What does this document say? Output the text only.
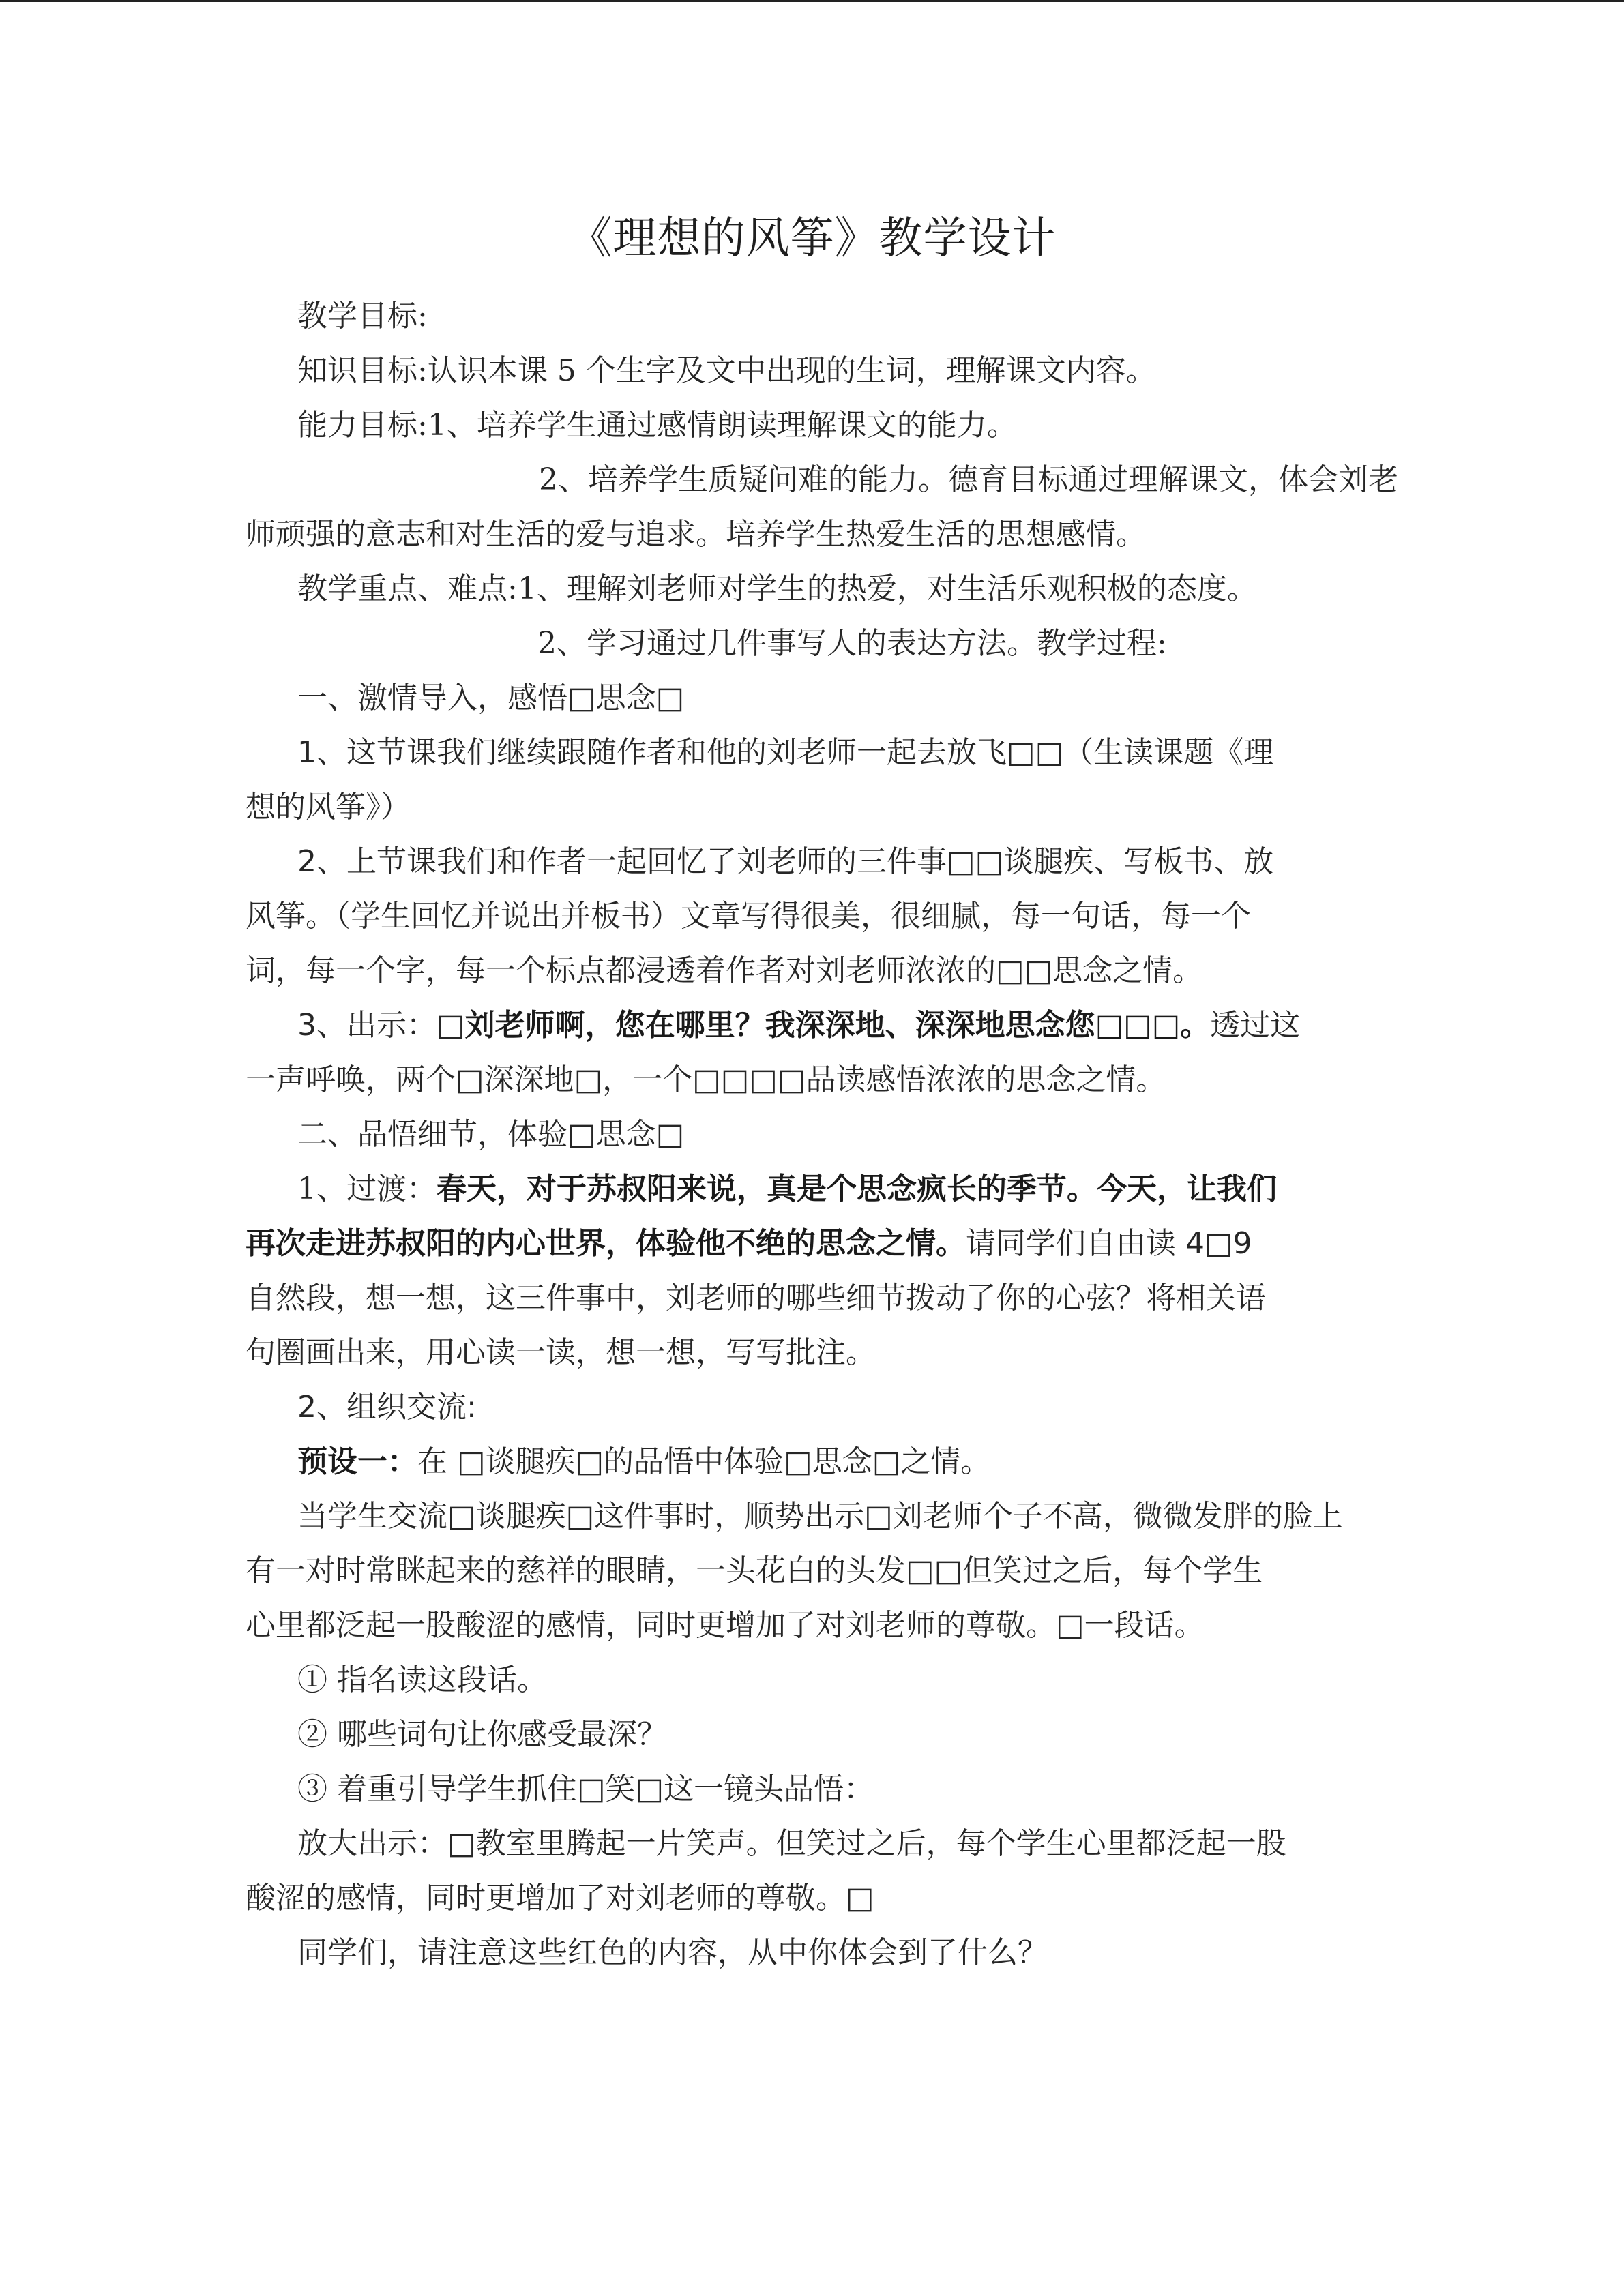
《理想的风筝》教学设计

教学目标:

知识目标:认识本课 5 个生字及文中出现的生词，理解课文内容。

能力目标:1、培养学生通过感情朗读理解课文的能力。

2、培养学生质疑问难的能力。德育目标通过理解课文，体会刘老

师顽强的意志和对生活的爱与追求。培养学生热爱生活的思想感情。

教学重点、难点:1、理解刘老师对学生的热爱，对生活乐观积极的态度。

2、学习通过几件事写人的表达方法。教学过程:

一、激情导入，感悟□思念□

1、这节课我们继续跟随作者和他的刘老师一起去放飞□□（生读课题《理

想的风筝》）

2、上节课我们和作者一起回忆了刘老师的三件事□□谈腿疾、写板书、放

风筝。（学生回忆并说出并板书）文章写得很美，很细腻，每一句话，每一个

词，每一个字，每一个标点都浸透着作者对刘老师浓浓的□□思念之情。

3、出示：□刘老师啊，您在哪里？我深深地、深深地思念您□□□。透过这

一声呼唤，两个□深深地□，一个□□□□品读感悟浓浓的思念之情。

二、品悟细节，体验□思念□

1、过渡：春天，对于苏叔阳来说，真是个思念疯长的季节。今天，让我们

再次走进苏叔阳的内心世界，体验他不绝的思念之情。请同学们自由读 4□9

自然段，想一想，这三件事中，刘老师的哪些细节拨动了你的心弦？将相关语

句圈画出来，用心读一读，想一想，写写批注。

2、组织交流:

预设一：在 □谈腿疾□的品悟中体验□思念□之情。

当学生交流□谈腿疾□这件事时，顺势出示□刘老师个子不高，微微发胖的脸上

有一对时常眯起来的慈祥的眼睛，一头花白的头发□□但笑过之后，每个学生

心里都泛起一股酸涩的感情，同时更增加了对刘老师的尊敬。□一段话。

① 指名读这段话。

② 哪些词句让你感受最深？

③ 着重引导学生抓住□笑□这一镜头品悟：

放大出示：□教室里腾起一片笑声。但笑过之后，每个学生心里都泛起一股

酸涩的感情，同时更增加了对刘老师的尊敬。□

同学们，请注意这些红色的内容，从中你体会到了什么？
